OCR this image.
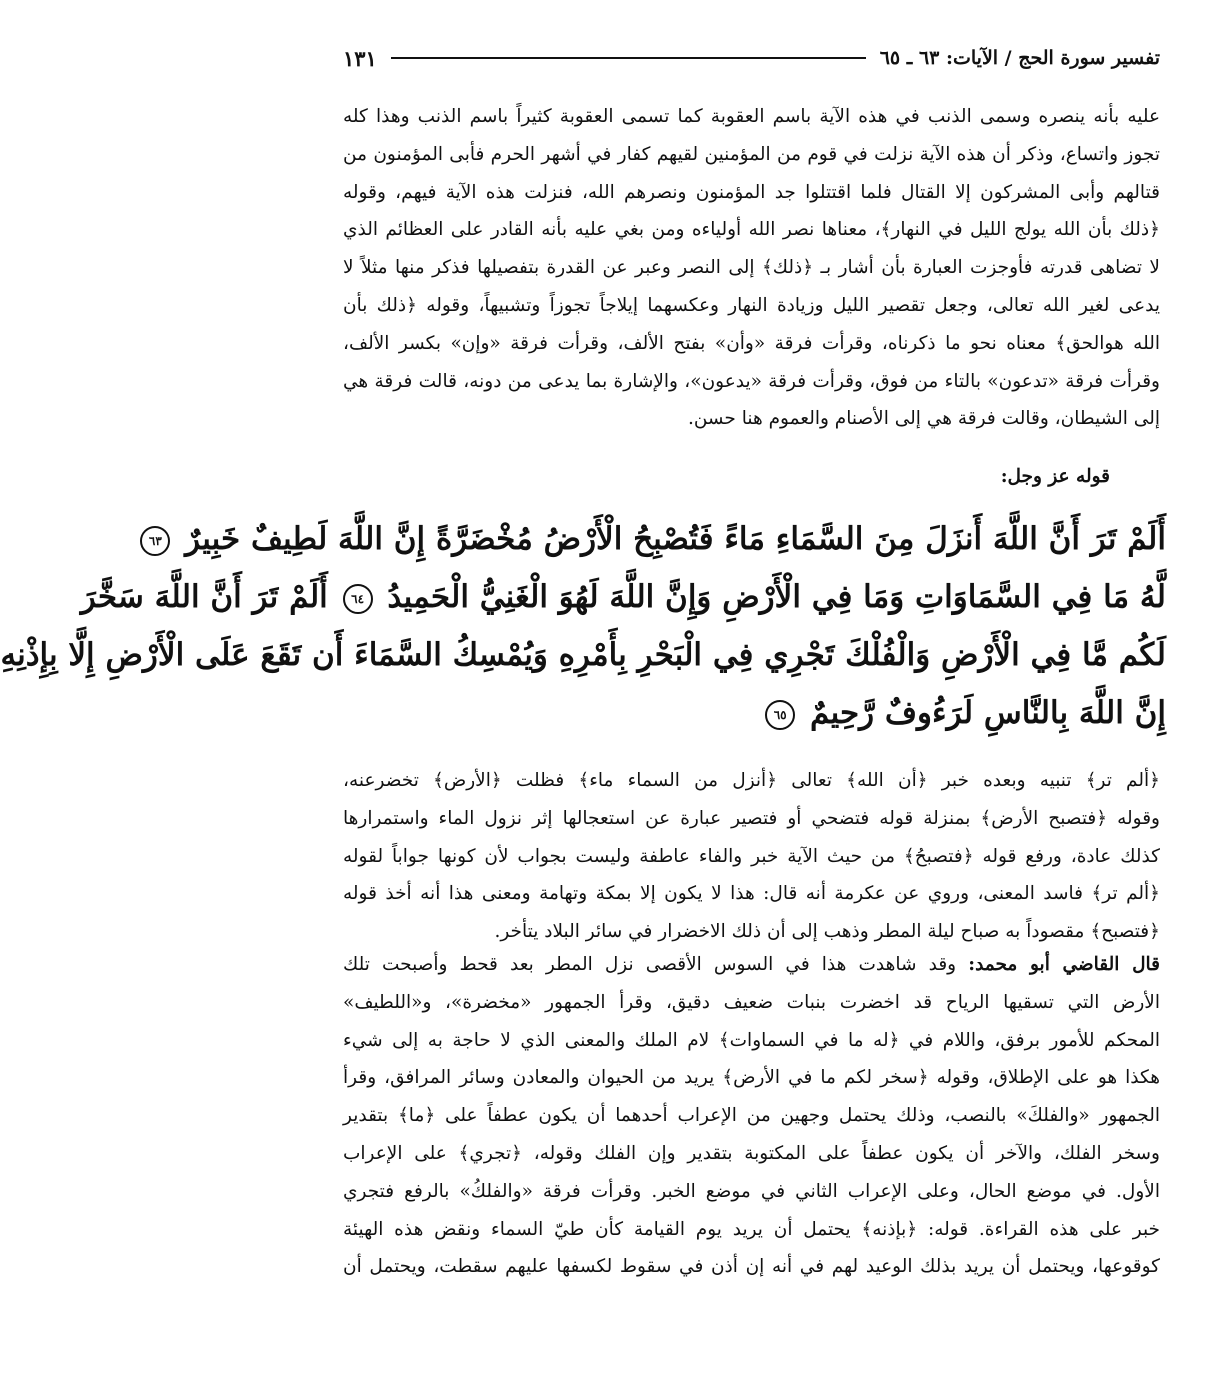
تفسير سورة الحج / الآيات: ٦٣ ـ ٦٥
١٣١
عليه بأنه ينصره وسمى الذنب في هذه الآية باسم العقوبة كما تسمى العقوبة كثيراً باسم الذنب وهذا كله
تجوز واتساع، وذكر أن هذه الآية نزلت في قوم من المؤمنين لقيهم كفار في أشهر الحرم فأبى المؤمنون من
قتالهم وأبى المشركون إلا القتال فلما اقتتلوا جد المؤمنون ونصرهم الله، فنزلت هذه الآية فيهم، وقوله
﴿ذلك بأن الله يولج الليل في النهار﴾، معناها نصر الله أولياءه ومن بغي عليه بأنه القادر على العظائم الذي
لا تضاهى قدرته فأوجزت العبارة بأن أشار بـ ﴿ذلك﴾ إلى النصر وعبر عن القدرة بتفصيلها فذكر منها مثلاً لا
يدعى لغير الله تعالى، وجعل تقصير الليل وزيادة النهار وعكسهما إيلاجاً تجوزاً وتشبيهاً، وقوله ﴿ذلك بأن
الله هوالحق﴾ معناه نحو ما ذكرناه، وقرأت فرقة «وأن» بفتح الألف، وقرأت فرقة «وإن» بكسر الألف،
وقرأت فرقة «تدعون» بالتاء من فوق، وقرأت فرقة «يدعون»، والإشارة بما يدعى من دونه، قالت فرقة هي
إلى الشيطان، وقالت فرقة هي إلى الأصنام والعموم هنا حسن.
قوله عز وجل:
أَلَمْ تَرَ أَنَّ اللَّهَ أَنزَلَ مِنَ السَّمَاءِ مَاءً فَتُصْبِحُ الْأَرْضُ مُخْضَرَّةً إِنَّ اللَّهَ لَطِيفٌ خَبِيرٌ ٦٣
لَّهُ مَا فِي السَّمَاوَاتِ وَمَا فِي الْأَرْضِ وَإِنَّ اللَّهَ لَهُوَ الْغَنِيُّ الْحَمِيدُ ٦٤ أَلَمْ تَرَ أَنَّ اللَّهَ سَخَّرَ
لَكُم مَّا فِي الْأَرْضِ وَالْفُلْكَ تَجْرِي فِي الْبَحْرِ بِأَمْرِهِ وَيُمْسِكُ السَّمَاءَ أَن تَقَعَ عَلَى الْأَرْضِ إِلَّا بِإِذْنِهِ
إِنَّ اللَّهَ بِالنَّاسِ لَرَءُوفٌ رَّحِيمٌ ٦٥
﴿ألم تر﴾ تنبيه وبعده خبر ﴿أن الله﴾ تعالى ﴿أنزل من السماء ماء﴾ فظلت ﴿الأرض﴾ تخضرعنه،
وقوله ﴿فتصبح الأرض﴾ بمنزلة قوله فتضحي أو فتصير عبارة عن استعجالها إثر نزول الماء واستمرارها
كذلك عادة، ورفع قوله ﴿فتصبحُ﴾ من حيث الآية خبر والفاء عاطفة وليست بجواب لأن كونها جواباً لقوله
﴿ألم تر﴾ فاسد المعنى، وروي عن عكرمة أنه قال: هذا لا يكون إلا بمكة وتهامة ومعنى هذا أنه أخذ قوله
﴿فتصبح﴾ مقصوداً به صباح ليلة المطر وذهب إلى أن ذلك الاخضرار في سائر البلاد يتأخر.
قال القاضي أبو محمد: وقد شاهدت هذا في السوس الأقصى نزل المطر بعد قحط وأصبحت تلك
الأرض التي تسقيها الرياح قد اخضرت بنبات ضعيف دقيق، وقرأ الجمهور «مخضرة»، و«اللطيف»
المحكم للأمور برفق، واللام في ﴿له ما في السماوات﴾ لام الملك والمعنى الذي لا حاجة به إلى شيء
هكذا هو على الإطلاق، وقوله ﴿سخر لكم ما في الأرض﴾ يريد من الحيوان والمعادن وسائر المرافق، وقرأ
الجمهور «والفلكَ» بالنصب، وذلك يحتمل وجهين من الإعراب أحدهما أن يكون عطفاً على ﴿ما﴾ بتقدير
وسخر الفلك، والآخر أن يكون عطفاً على المكتوبة بتقدير وإن الفلك وقوله، ﴿تجري﴾ على الإعراب
الأول. في موضع الحال، وعلى الإعراب الثاني في موضع الخبر. وقرأت فرقة «والفلكُ» بالرفع فتجري
خبر على هذه القراءة. قوله: ﴿بإذنه﴾ يحتمل أن يريد يوم القيامة كأن طيّ السماء ونقض هذه الهيئة
كوقوعها، ويحتمل أن يريد بذلك الوعيد لهم في أنه إن أذن في سقوط لكسفها عليهم سقطت، ويحتمل أن
